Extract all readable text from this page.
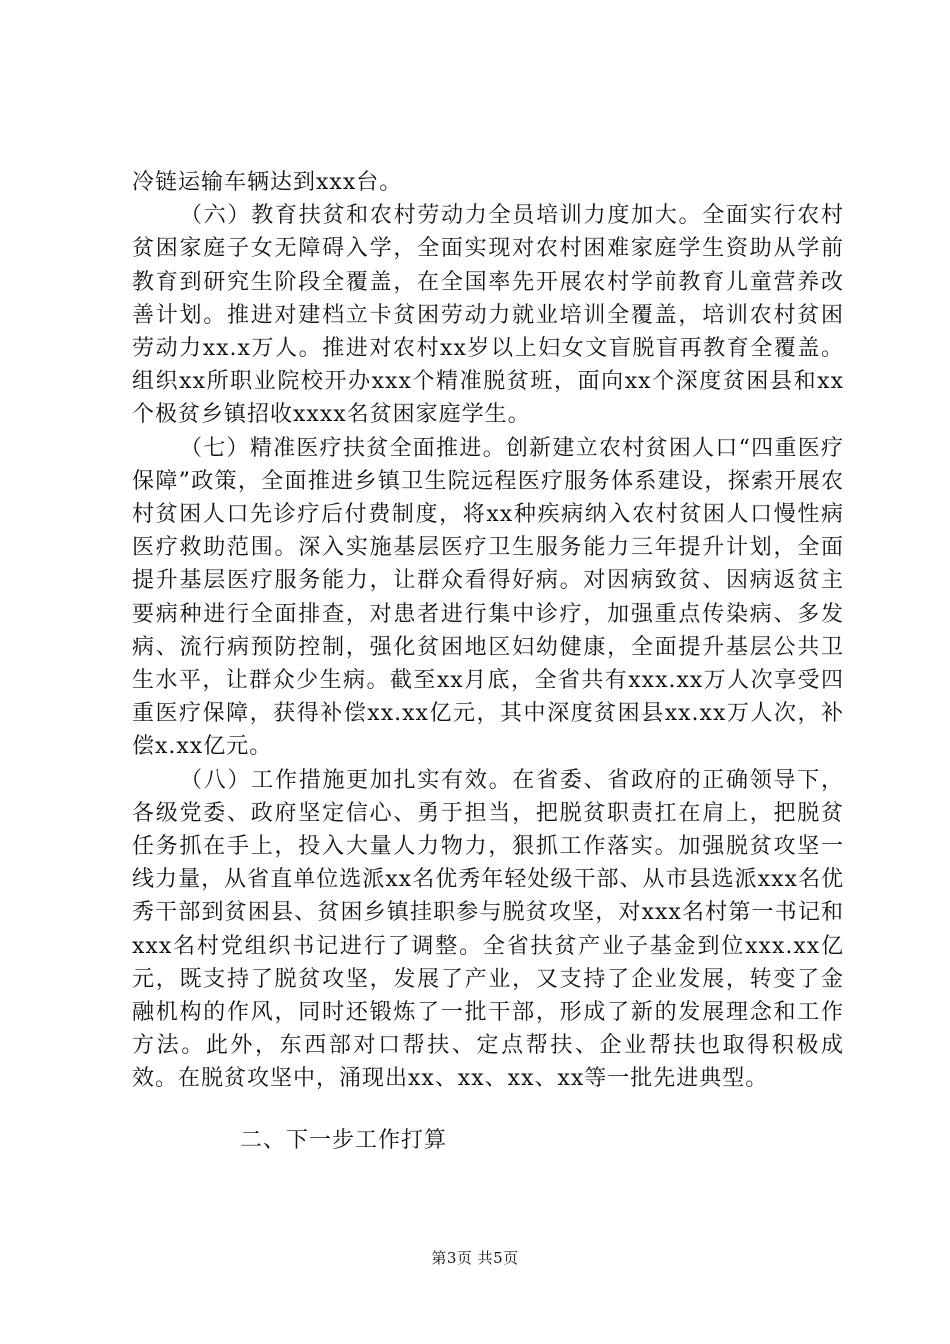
冷链运输车辆达到xxx台。

（六）教育扶贫和农村劳动力全员培训力度加大。全面实行农村贫困家庭子女无障碍入学，全面实现对农村困难家庭学生资助从学前教育到研究生阶段全覆盖，在全国率先开展农村学前教育儿童营养改善计划。推进对建档立卡贫困劳动力就业培训全覆盖，培训农村贫困劳动力xx.x万人。推进对农村xx岁以上妇女文盲脱盲再教育全覆盖。组织xx所职业院校开办xxx个精准脱贫班，面向xx个深度贫困县和xx个极贫乡镇招收xxxx名贫困家庭学生。

（七）精准医疗扶贫全面推进。创新建立农村贫困人口“四重医疗保障”政策，全面推进乡镇卫生院远程医疗服务体系建设，探索开展农村贫困人口先诊疗后付费制度，将xx种疾病纳入农村贫困人口慢性病医疗救助范围。深入实施基层医疗卫生服务能力三年提升计划，全面提升基层医疗服务能力，让群众看得好病。对因病致贫、因病返贫主要病种进行全面排查，对患者进行集中诊疗，加强重点传染病、多发病、流行病预防控制，强化贫困地区妇幼健康，全面提升基层公共卫生水平，让群众少生病。截至xx月底，全省共有xxx.xx万人次享受四重医疗保障，获得补偿xx.xx亿元，其中深度贫困县xx.xx万人次，补偿x.xx亿元。

（八）工作措施更加扎实有效。在省委、省政府的正确领导下，各级党委、政府坚定信心、勇于担当，把脱贫职责扛在肩上，把脱贫任务抓在手上，投入大量人力物力，狠抓工作落实。加强脱贫攻坚一线力量，从省直单位选派xx名优秀年轻处级干部、从市县选派xxx名优秀干部到贫困县、贫困乡镇挂职参与脱贫攻坚，对xxx名村第一书记和xxx名村党组织书记进行了调整。全省扶贫产业子基金到位xxx.xx亿元，既支持了脱贫攻坚，发展了产业，又支持了企业发展，转变了金融机构的作风，同时还锻炼了一批干部，形成了新的发展理念和工作方法。此外，东西部对口帮扶、定点帮扶、企业帮扶也取得积极成效。在脱贫攻坚中，涌现出xx、xx、xx、xx等一批先进典型。

二、下一步工作打算
第3页 共5页
